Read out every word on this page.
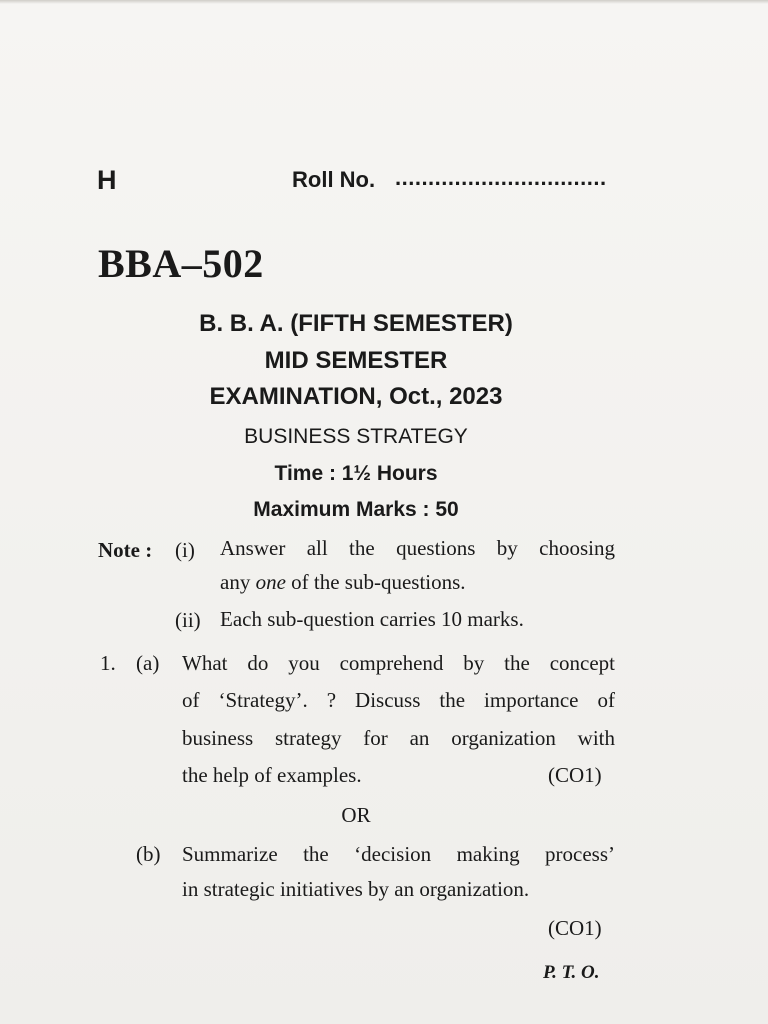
H	Roll No. ................................
BBA–502
B. B. A. (FIFTH SEMESTER)
MID SEMESTER
EXAMINATION, Oct., 2023
BUSINESS STRATEGY
Time : 1½ Hours
Maximum Marks : 50
Note : (i) Answer all the questions by choosing
any one of the sub-questions.
(ii) Each sub-question carries 10 marks.
1. (a) What do you comprehend by the concept
of ‘Strategy’. ? Discuss the importance of
business strategy for an organization with
the help of examples.	(CO1)
OR
(b) Summarize the ‘decision making process’
in strategic initiatives by an organization.
(CO1)
P. T. O.
